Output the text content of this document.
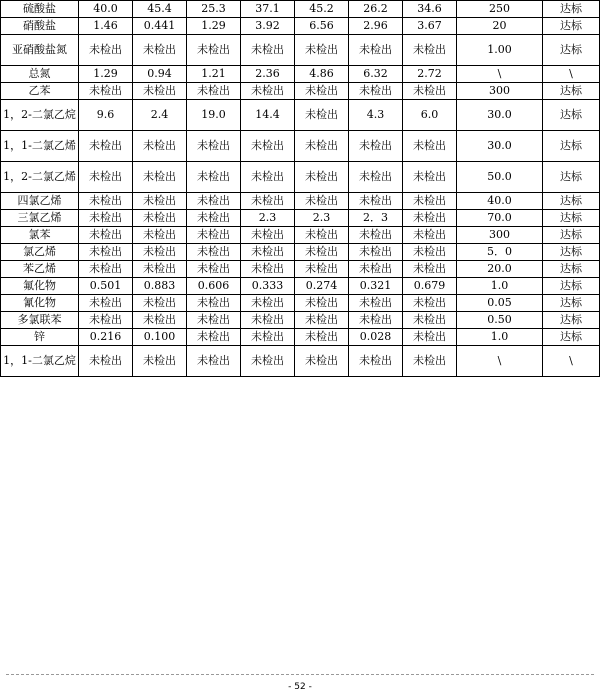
硫酸盐	40.0	45.4	25.3	37.1	45.2	26.2	34.6	250	达标
硝酸盐	1.46	0.441	1.29	3.92	6.56	2.96	3.67	20	达标
亚硝酸盐氮	未检出	未检出	未检出	未检出	未检出	未检出	未检出	1.00	达标
总氮	1.29	0.94	1.21	2.36	4.86	6.32	2.72	\	\
乙苯	未检出	未检出	未检出	未检出	未检出	未检出	未检出	300	达标
1，2-二氯乙烷	9.6	2.4	19.0	14.4	未检出	4.3	6.0	30.0	达标
1，1-二氯乙烯	未检出	未检出	未检出	未检出	未检出	未检出	未检出	30.0	达标
1，2-二氯乙烯	未检出	未检出	未检出	未检出	未检出	未检出	未检出	50.0	达标
四氯乙烯	未检出	未检出	未检出	未检出	未检出	未检出	未检出	40.0	达标
三氯乙烯	未检出	未检出	未检出	2.3	2.3	2．3	未检出	70.0	达标
氯苯	未检出	未检出	未检出	未检出	未检出	未检出	未检出	300	达标
氯乙烯	未检出	未检出	未检出	未检出	未检出	未检出	未检出	5．0	达标
苯乙烯	未检出	未检出	未检出	未检出	未检出	未检出	未检出	20.0	达标
氟化物	0.501	0.883	0.606	0.333	0.274	0.321	0.679	1.0	达标
氰化物	未检出	未检出	未检出	未检出	未检出	未检出	未检出	0.05	达标
多氯联苯	未检出	未检出	未检出	未检出	未检出	未检出	未检出	0.50	达标
锌	0.216	0.100	未检出	未检出	未检出	0.028	未检出	1.0	达标
1，1-二氯乙烷	未检出	未检出	未检出	未检出	未检出	未检出	未检出	\	\
- 52 -
